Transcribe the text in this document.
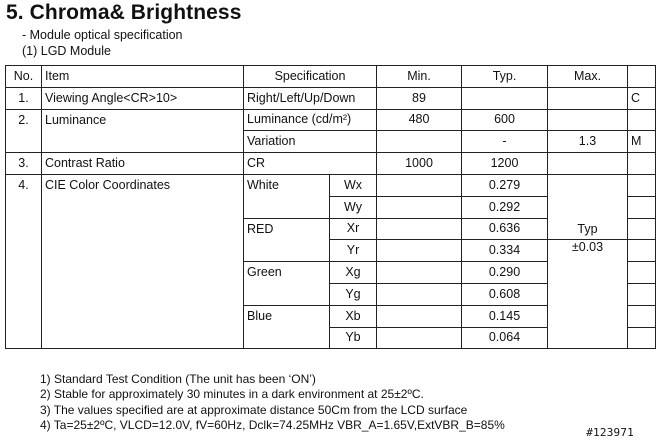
5. Chroma& Brightness
- Module optical specification
(1) LGD Module
No.	Item	Specification		Min.	Typ.	Max.	
1.	Viewing Angle<CR>10>	Right/Left/Up/Down		89			C
2.	Luminance	Luminance (cd/m²)		480	600		
		Variation			-	1.3	M
3.	Contrast Ratio	CR		1000	1200		
4.	CIE Color Coordinates	White	Wx		0.279	Typ	
			Wy		0.292		
		RED	Xr		0.636		
			Yr		0.334	±0.03	
		Green	Xg		0.290		
			Yg		0.608		
		Blue	Xb		0.145		
			Yb		0.064		
1) Standard Test Condition (The unit has been ‘ON’)
2) Stable for approximately 30 minutes in a dark environment at 25±2ºC.
3) The values specified are at approximate distance 50Cm from the LCD surface
4) Ta=25±2ºC, VLCD=12.0V, fV=60Hz, Dclk=74.25MHz VBR_A=1.65V,ExtVBR_B=85%
#123971
